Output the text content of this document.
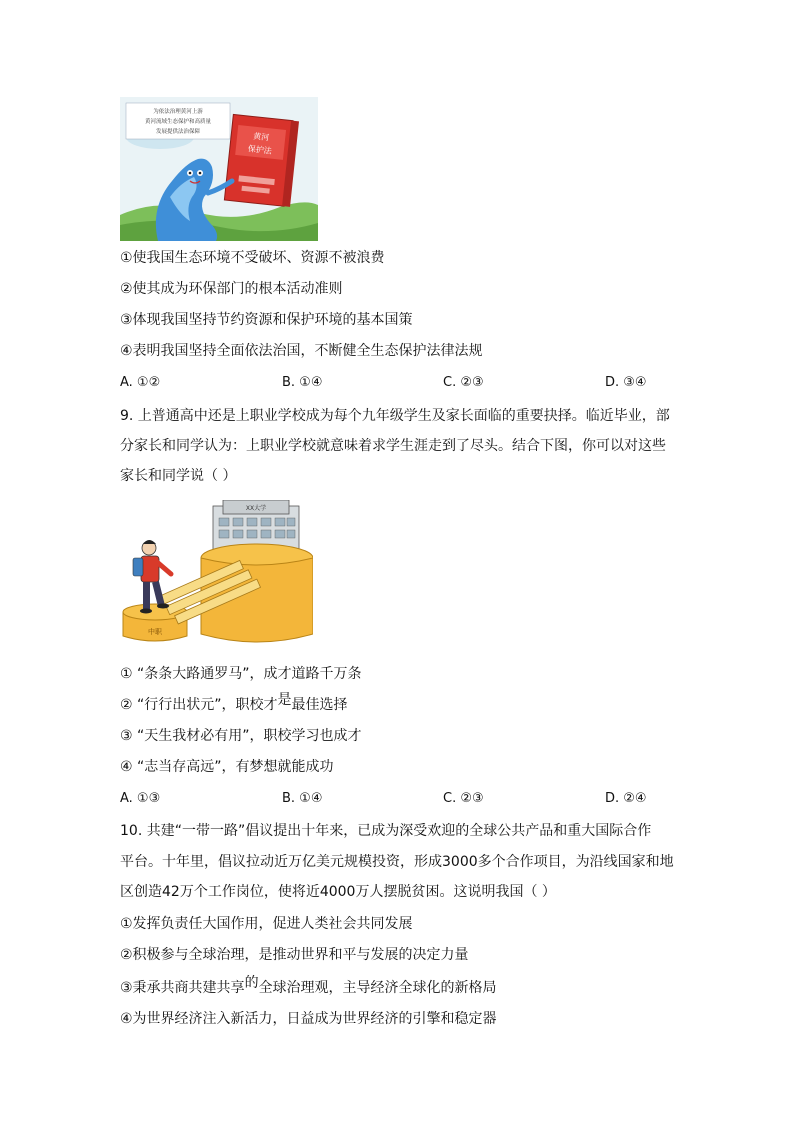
为依法治理黄河上游
黄河流域生态保护和高质量
发展提供法治保障	黄河
保护法
①使我国生态环境不受破坏、资源不被浪费
②使其成为环保部门的根本活动准则
③体现我国坚持节约资源和保护环境的基本国策
④表明我国坚持全面依法治国，不断健全生态保护法律法规
A. ①②	B. ①④	C. ②③	D. ③④
9. 上普通高中还是上职业学校成为每个九年级学生及家长面临的重要抉择。临近毕业，部
分家长和同学认为：上职业学校就意味着求学生涯走到了尽头。结合下图，你可以对这些
家长和同学说（ ）
XX大学
中职
① “条条大路通罗马”，成才道路千万条
② “行行出状元”，职校才是最佳选择
③ “天生我材必有用”，职校学习也成才
④ “志当存高远”，有梦想就能成功
A. ①③	B. ①④	C. ②③	D. ②④
10. 共建“一带一路”倡议提出十年来，已成为深受欢迎的全球公共产品和重大国际合作
平台。十年里，倡议拉动近万亿美元规模投资，形成3000多个合作项目，为沿线国家和地
区创造42万个工作岗位，使将近4000万人摆脱贫困。这说明我国（ ）
①发挥负责任大国作用，促进人类社会共同发展
②积极参与全球治理，是推动世界和平与发展的决定力量
③秉承共商共建共享的全球治理观，主导经济全球化的新格局
④为世界经济注入新活力，日益成为世界经济的引擎和稳定器
